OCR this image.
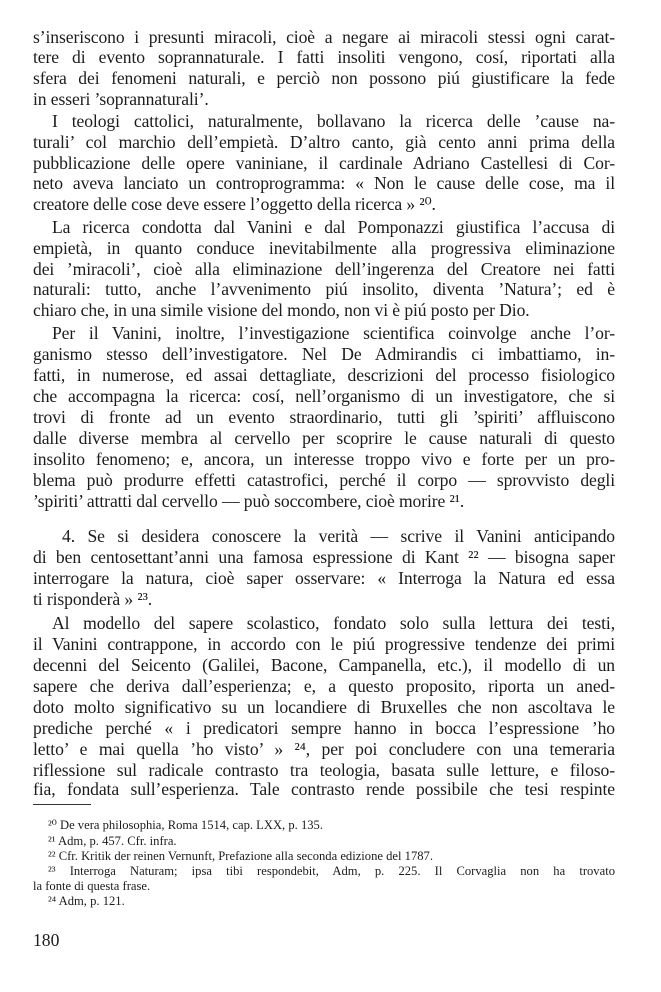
s’inseriscono i presunti miracoli, cioè a negare ai miracoli stessi ogni carat-
tere di evento soprannaturale. I fatti insoliti vengono, cosí, riportati alla
sfera dei fenomeni naturali, e perciò non possono piú giustificare la fede
in esseri ’soprannaturali’.
I teologi cattolici, naturalmente, bollavano la ricerca delle ’cause na-
turali’ col marchio dell’empietà. D’altro canto, già cento anni prima della
pubblicazione delle opere vaniniane, il cardinale Adriano Castellesi di Cor-
neto aveva lanciato un controprogramma: « Non le cause delle cose, ma il
creatore delle cose deve essere l’oggetto della ricerca » ²⁰.
La ricerca condotta dal Vanini e dal Pomponazzi giustifica l’accusa di
empietà, in quanto conduce inevitabilmente alla progressiva eliminazione
dei ’miracoli’, cioè alla eliminazione dell’ingerenza del Creatore nei fatti
naturali: tutto, anche l’avvenimento piú insolito, diventa ’Natura’; ed è
chiaro che, in una simile visione del mondo, non vi è piú posto per Dio.
Per il Vanini, inoltre, l’investigazione scientifica coinvolge anche l’or-
ganismo stesso dell’investigatore. Nel De Admirandis ci imbattiamo, in-
fatti, in numerose, ed assai dettagliate, descrizioni del processo fisiologico
che accompagna la ricerca: cosí, nell’organismo di un investigatore, che si
trovi di fronte ad un evento straordinario, tutti gli ’spiriti’ affluiscono
dalle diverse membra al cervello per scoprire le cause naturali di questo
insolito fenomeno; e, ancora, un interesse troppo vivo e forte per un pro-
blema può produrre effetti catastrofici, perché il corpo — sprovvisto degli
’spiriti’ attratti dal cervello — può soccombere, cioè morire ²¹.
4. Se si desidera conoscere la verità — scrive il Vanini anticipando
di ben centosettant’anni una famosa espressione di Kant ²² — bisogna saper
interrogare la natura, cioè saper osservare: « Interroga la Natura ed essa
ti risponderà » ²³.
Al modello del sapere scolastico, fondato solo sulla lettura dei testi,
il Vanini contrappone, in accordo con le piú progressive tendenze dei primi
decenni del Seicento (Galilei, Bacone, Campanella, etc.), il modello di un
sapere che deriva dall’esperienza; e, a questo proposito, riporta un aned-
doto molto significativo su un locandiere di Bruxelles che non ascoltava le
prediche perché « i predicatori sempre hanno in bocca l’espressione ’ho
letto’ e mai quella ’ho visto’ » ²⁴, per poi concludere con una temeraria
riflessione sul radicale contrasto tra teologia, basata sulle letture, e filoso-
fia, fondata sull’esperienza. Tale contrasto rende possibile che tesi respinte
²⁰ De vera philosophia, Roma 1514, cap. LXX, p. 135.
²¹ Adm, p. 457. Cfr. infra.
²² Cfr. Kritik der reinen Vernunft, Prefazione alla seconda edizione del 1787.
²³ Interroga Naturam; ipsa tibi respondebit, Adm, p. 225. Il Corvaglia non ha trovato
la fonte di questa frase.
²⁴ Adm, p. 121.
180
